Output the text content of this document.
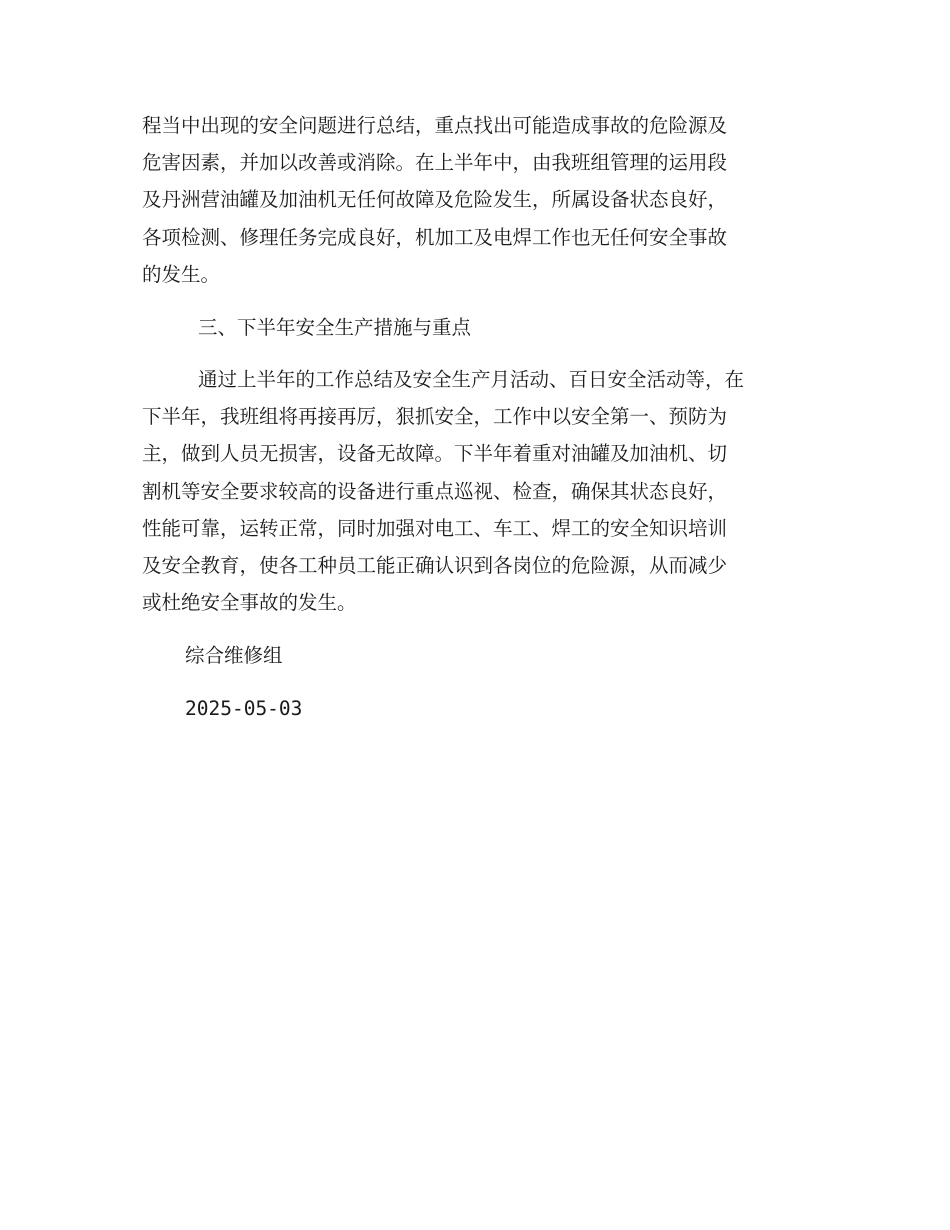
程当中出现的安全问题进行总结，重点找出可能造成事故的危险源及
危害因素，并加以改善或消除。在上半年中，由我班组管理的运用段
及丹洲营油罐及加油机无任何故障及危险发生，所属设备状态良好，
各项检测、修理任务完成良好，机加工及电焊工作也无任何安全事故
的发生。
三、下半年安全生产措施与重点
通过上半年的工作总结及安全生产月活动、百日安全活动等，在
下半年，我班组将再接再厉，狠抓安全，工作中以安全第一、预防为
主，做到人员无损害，设备无故障。下半年着重对油罐及加油机、切
割机等安全要求较高的设备进行重点巡视、检查，确保其状态良好，
性能可靠，运转正常，同时加强对电工、车工、焊工的安全知识培训
及安全教育，使各工种员工能正确认识到各岗位的危险源，从而减少
或杜绝安全事故的发生。
综合维修组
2025-05-03
